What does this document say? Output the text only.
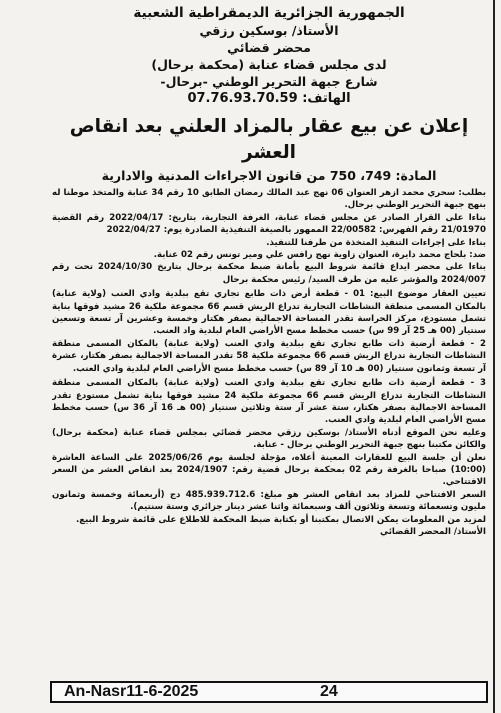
الجمهورية الجزائرية الديمقراطية الشعبية

الأستاذ/ بوسكين رزقي

محضر قضائي

لدى مجلس قضاء عنابة (محكمة برحال)

شارع جبهة التحرير الوطني -برحال-

الهاتف: 07.76.93.70.59

إعلان عن بيع عقار بالمزاد العلني بعد انقاص العشر

المادة: 749، 750 من قانون الاجراءات المدنية والادارية

بطلب: سحري محمد ازهر العنوان 06 نهج عبد المالك رمضان الطابق 10 رقم 34 عنابة والمتخذ موطنا له بنهج جبهة التحرير الوطني برحال.

بناءا على القرار الصادر عن مجلس قضاء عنابة، الغرفة التجارية، بتاريخ: 2022/04/17 رقم القضية 21/01970 رقم الفهرس: 22/00582 الممهور بالصيغة التنفيذية الصادرة يوم: 2022/04/27

بناءا على إجراءات التنفيذ المتخذة من طرفنا للتنفيذ.

ضد: بلحاج محمد دايرة، العنوان زاوية نهج رافس علي ومير تونس رقم 02 عنابة.

بناءا على محضر ايداع قائمة شروط البيع بأمانة ضبط محكمة برحال بتاريخ 2024/10/30 تحت رقم 2024/007 والمؤشر عليه من طرف السيد/ رئيس محكمة برحال

تعيين العقار موضوع البيع: 01 - قطعة أرض ذات طابع تجاري تقع ببلدية وادي العنب (ولاية عنابة) بالمكان المسمى منطقة النشاطات التجارية تدراع الريش قسم 66 مجموعة ملكية 26 مشيد فوقها بناية تشمل مستودع، مركز الحراسة تقدر المساحة الاجمالية بصفر هكتار وخمسة وعشرين آر تسعة وتسعين سنتيار (00 هـ 25 آر 99 س) حسب مخطط مسح الأراضي العام لبلدية واد العنب.

2 - قطعة أرضية ذات طابع تجاري تقع ببلدية وادي العنب (ولاية عنابة) بالمكان المسمى منطقة النشاطات التجارية تدراع الريش قسم 66 مجموعة ملكية 58 تقدر المساحة الاجمالية بصفر هكتار، عشرة آر تسعة وثمانون سنتيار (00 هـ 10 آر 89 س) حسب مخطط مسح الأراضي العام لبلدية وادي العنب.

3 - قطعة أرضية ذات طابع تجاري تقع ببلدية وادي العنب (ولاية عنابة) بالمكان المسمى منطقة النشاطات التجارية تدراع الريش قسم 66 مجموعة ملكية 24 مشيد فوقها بناية تشمل مستودع تقدر المساحة الاجمالية بصفر هكتار، ستة عشر آر ستة وثلاثين سنتيار (00 هـ 16 آر 36 س) حسب مخطط مسح الأراضي العام لبلدية وادي العنب.

وعليه نحن الموقع أدناه الأستاذ/ بوسكين رزقي محضر قضائي بمجلس قضاء عنابة (محكمة برحال) والكائن مكتبنا بنهج جبهة التحرير الوطني برحال - عنابة.

نعلن أن جلسة البيع للعقارات المعينة أعلاه، مؤجلة لجلسة يوم 2025/06/26 على الساعة العاشرة (10:00) صباحا بالغرفة رقم 02 بمحكمة برحال قضية رقم: 2024/1907 بعد انقاص العشر من السعر الافتتاحي.

السعر الافتتاحي للمزاد بعد انقاص العشر هو مبلغ: 485.939.712.6 دج (أربعمائة وخمسة وثمانون مليون وتسعمائة وتسعة وثلاثون ألف وسبعمائة واثنا عشر دينار جزائري وستة سنتيم).

لمزيد من المعلومات يمكن الاتصال بمكتبنا أو بكتابة ضبط المحكمة للاطلاع على قائمة شروط البيع.

الأستاذ/ المحضر القضائي
An-Nasr11-6-2025	24
